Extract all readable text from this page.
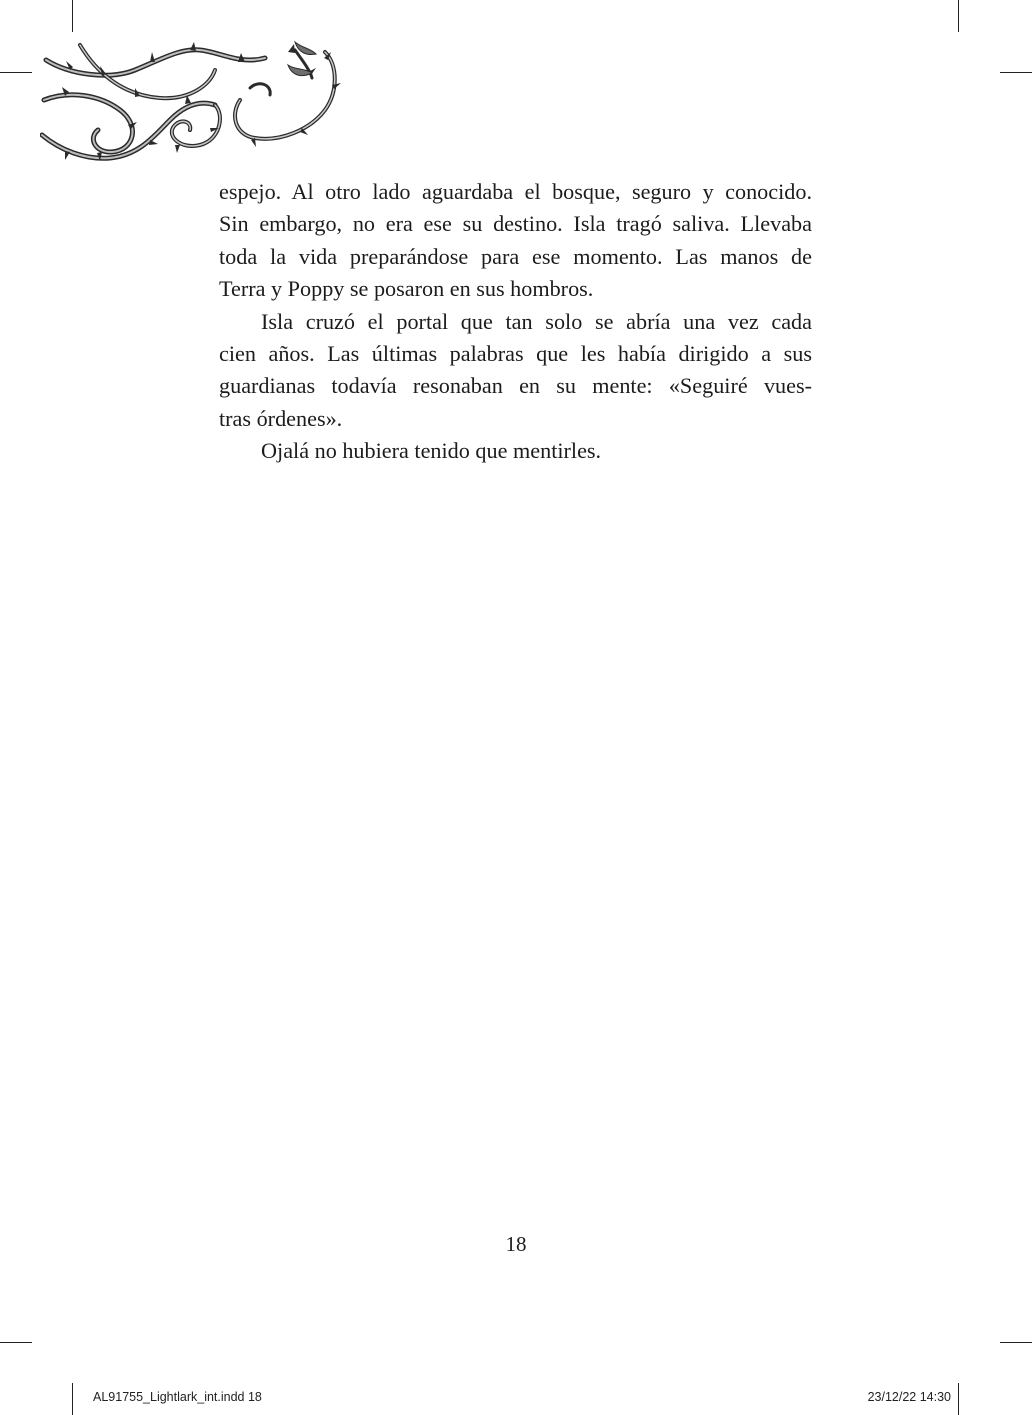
espejo. Al otro lado aguardaba el bosque, seguro y conocido.
Sin embargo, no era ese su destino. Isla tragó saliva. Llevaba
toda la vida preparándose para ese momento. Las manos de
Terra y Poppy se posaron en sus hombros.
Isla cruzó el portal que tan solo se abría una vez cada
cien años. Las últimas palabras que les había dirigido a sus
guardianas todavía resonaban en su mente: «Seguiré vues-
tras órdenes».
Ojalá no hubiera tenido que mentirles.
18
AL91755_Lightlark_int.indd 18	23/12/22 14:30
